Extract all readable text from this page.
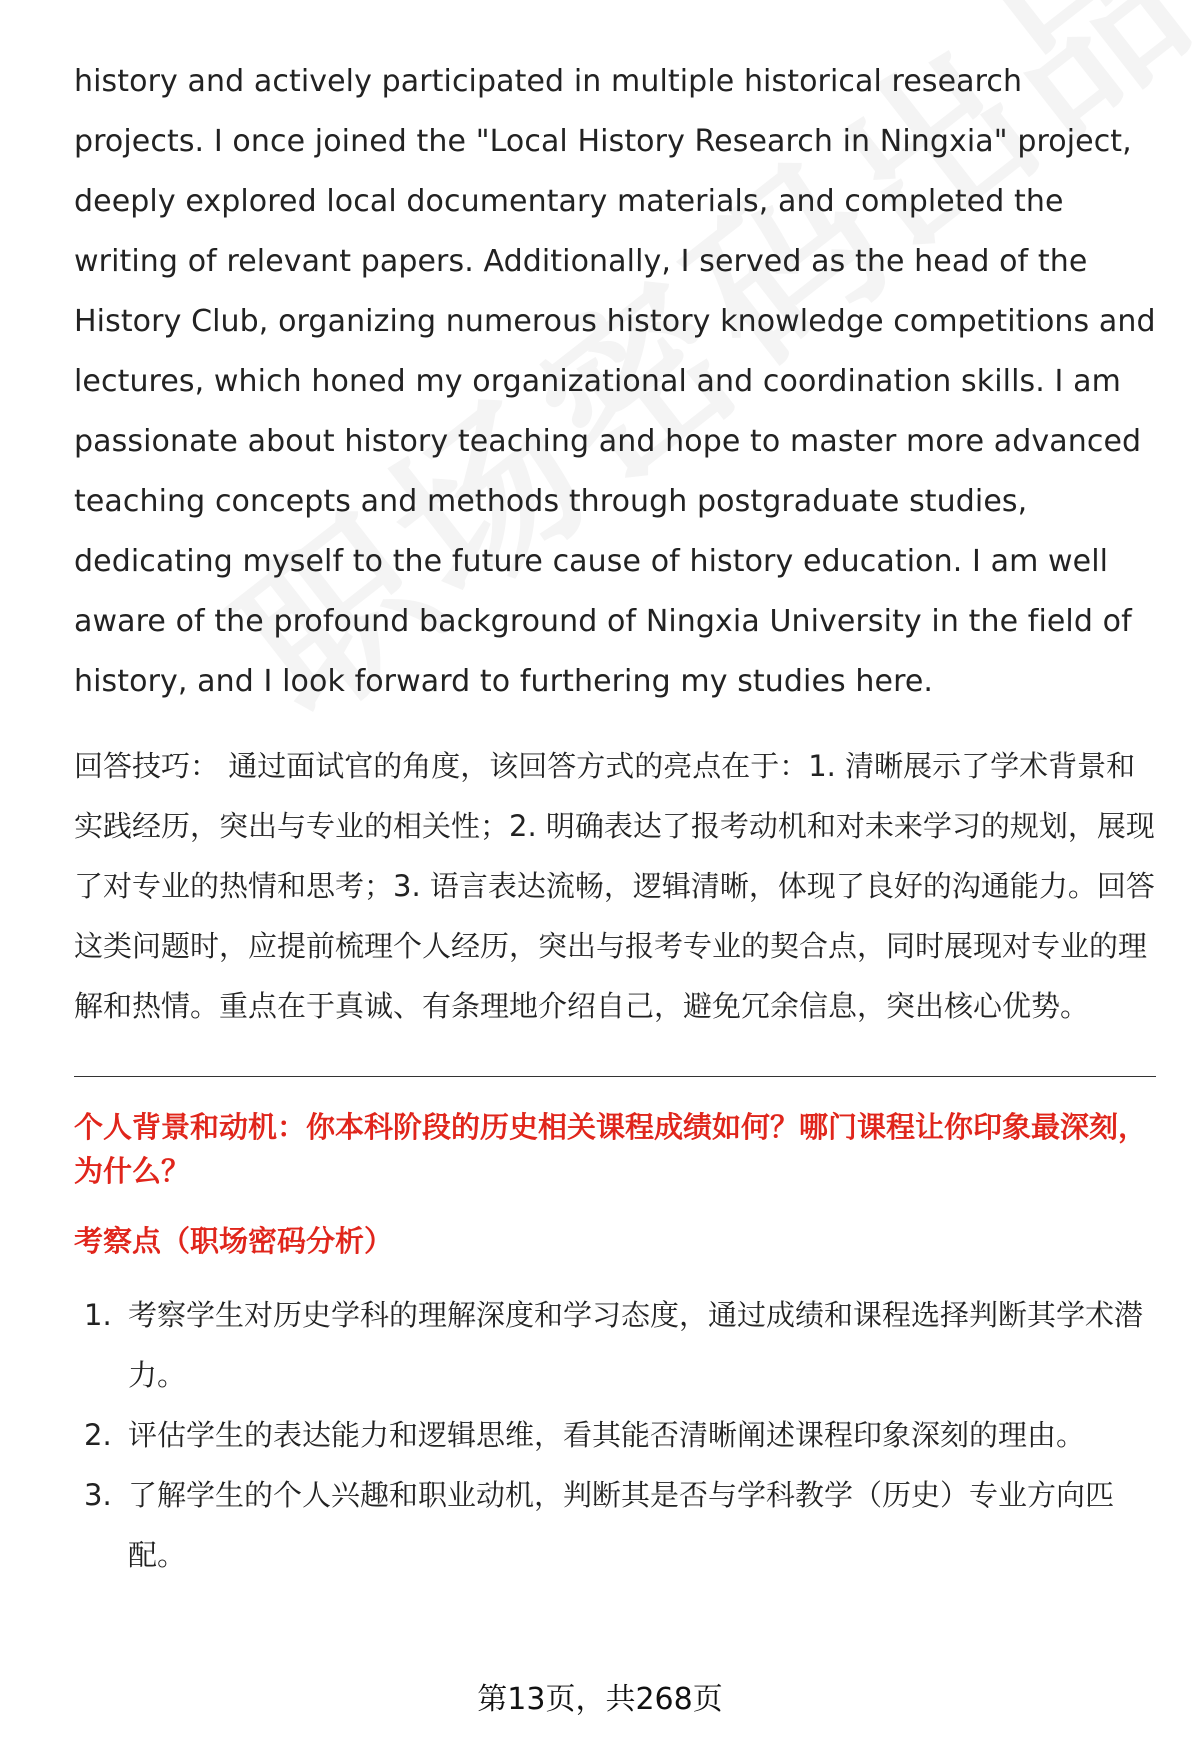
history and actively participated in multiple historical research projects. I once joined the "Local History Research in Ningxia" project, deeply explored local documentary materials, and completed the writing of relevant papers. Additionally, I served as the head of the History Club, organizing numerous history knowledge competitions and lectures, which honed my organizational and coordination skills. I am passionate about history teaching and hope to master more advanced teaching concepts and methods through postgraduate studies, dedicating myself to the future cause of history education. I am well aware of the profound background of Ningxia University in the field of history, and I look forward to furthering my studies here.

回答技巧： 通过面试官的角度，该回答方式的亮点在于：1. 清晰展示了学术背景和实践经历，突出与专业的相关性；2. 明确表达了报考动机和对未来学习的规划，展现了对专业的热情和思考；3. 语言表达流畅，逻辑清晰，体现了良好的沟通能力。回答这类问题时，应提前梳理个人经历，突出与报考专业的契合点，同时展现对专业的理解和热情。重点在于真诚、有条理地介绍自己，避免冗余信息，突出核心优势。

个人背景和动机：你本科阶段的历史相关课程成绩如何？哪门课程让你印象最深刻，为什么？
考察点（职场密码分析）
1. 考察学生对历史学科的理解深度和学习态度，通过成绩和课程选择判断其学术潜力。
2. 评估学生的表达能力和逻辑思维，看其能否清晰阐述课程印象深刻的理由。
3. 了解学生的个人兴趣和职业动机，判断其是否与学科教学（历史）专业方向匹配。
第13页，共268页
